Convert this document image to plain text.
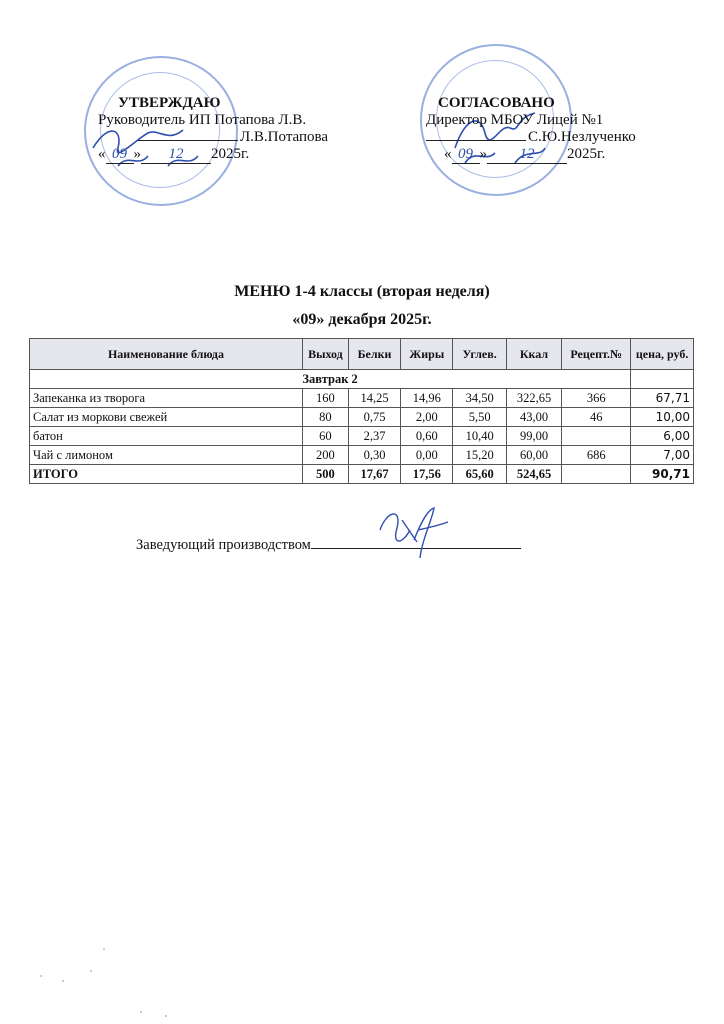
УТВЕРЖДАЮ
Руководитель ИП Потапова Л.В.
Л.В.Потапова
« 09 » 12 2025г.
СОГЛАСОВАНО
Директор МБОУ Лицей №1
С.Ю.Незлученко
« 09 » 12 2025г.
МЕНЮ 1-4 классы (вторая неделя)
«09» декабря 2025г.
Наименование блюда	Выход	Белки	Жиры	Углев.	Ккал	Рецепт.№	цена, руб.
Завтрак 2							
Запеканка из творога	160	14,25	14,96	34,50	322,65	366	67,71
Салат из моркови свежей	80	0,75	2,00	5,50	43,00	46	10,00
батон	60	2,37	0,60	10,40	99,00		6,00
Чай с лимоном	200	0,30	0,00	15,20	60,00	686	7,00
ИТОГО	500	17,67	17,56	65,60	524,65		90,71
Заведующий производством
